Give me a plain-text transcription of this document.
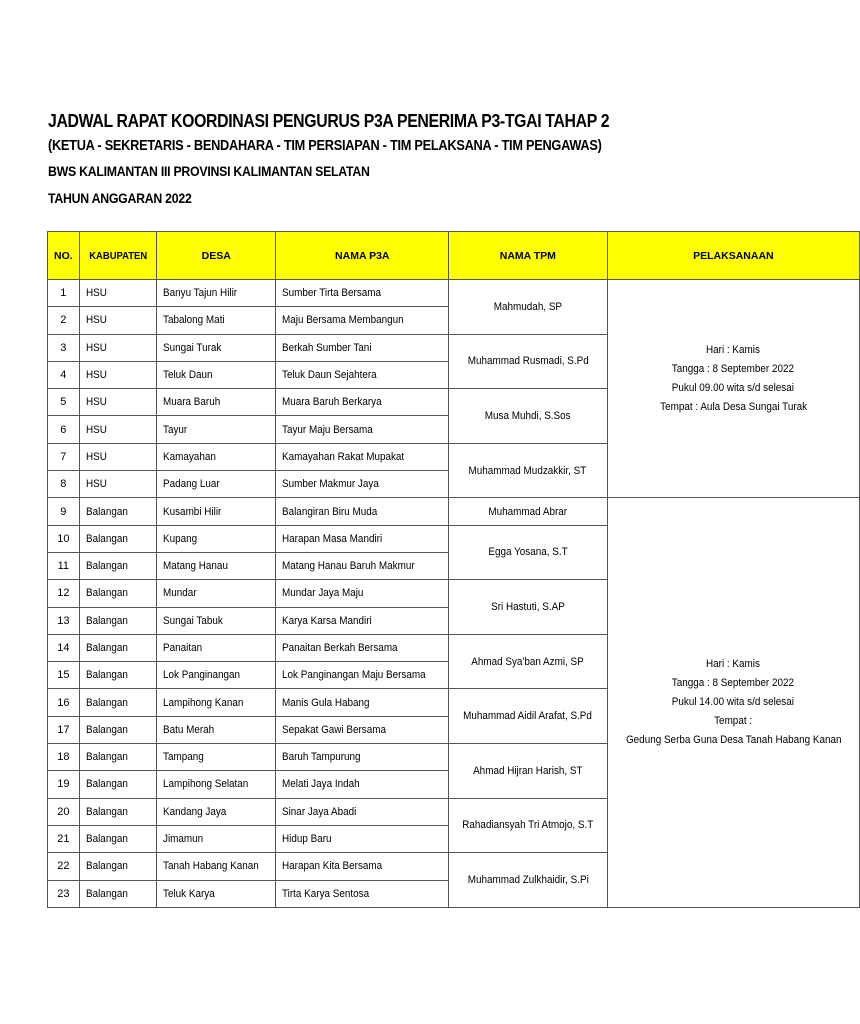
JADWAL RAPAT KOORDINASI PENGURUS P3A PENERIMA P3-TGAI TAHAP 2
(KETUA - SEKRETARIS - BENDAHARA - TIM PERSIAPAN - TIM PELAKSANA - TIM PENGAWAS)
BWS KALIMANTAN III PROVINSI KALIMANTAN SELATAN
TAHUN ANGGARAN 2022
NO.	KABUPATEN	DESA	NAMA P3A	NAMA TPM	PELAKSANAAN
1	HSU	Banyu Tajun Hilir	Sumber Tirta Bersama	Mahmudah, SP	Hari : Kamis
Tangga : 8 September 2022
Pukul 09.00 wita s/d selesai
Tempat : Aula Desa Sungai Turak

2	HSU	Tabalong Mati	Maju Bersama Membangun		
3	HSU	Sungai Turak	Berkah Sumber Tani	Muhammad Rusmadi, S.Pd	
4	HSU	Teluk Daun	Teluk Daun Sejahtera		
5	HSU	Muara Baruh	Muara Baruh Berkarya	Musa Muhdi, S.Sos	
6	HSU	Tayur	Tayur Maju Bersama		
7	HSU	Kamayahan	Kamayahan Rakat Mupakat	Muhammad Mudzakkir, ST	
8	HSU	Padang Luar	Sumber Makmur Jaya		
9	Balangan	Kusambi Hilir	Balangiran Biru Muda	Muhammad Abrar	Hari : Kamis
Tangga : 8 September 2022
Pukul 14.00 wita s/d selesai
Tempat :
Gedung Serba Guna Desa Tanah Habang Kanan

10	Balangan	Kupang	Harapan Masa Mandiri	Egga Yosana, S.T	
11	Balangan	Matang Hanau	Matang Hanau Baruh Makmur		
12	Balangan	Mundar	Mundar Jaya Maju	Sri Hastuti, S.AP	
13	Balangan	Sungai Tabuk	Karya Karsa Mandiri		
14	Balangan	Panaitan	Panaitan Berkah Bersama	Ahmad Sya'ban Azmi, SP	
15	Balangan	Lok Panginangan	Lok Panginangan Maju Bersama		
16	Balangan	Lampihong Kanan	Manis Gula Habang	Muhammad Aidil Arafat, S.Pd	
17	Balangan	Batu Merah	Sepakat Gawi Bersama		
18	Balangan	Tampang	Baruh Tampurung	Ahmad Hijran Harish, ST	
19	Balangan	Lampihong Selatan	Melati Jaya Indah		
20	Balangan	Kandang Jaya	Sinar Jaya Abadi	Rahadiansyah Tri Atmojo, S.T	
21	Balangan	Jimamun	Hidup Baru		
22	Balangan	Tanah Habang Kanan	Harapan Kita Bersama	Muhammad Zulkhaidir, S.Pi	
23	Balangan	Teluk Karya	Tirta Karya Sentosa		
